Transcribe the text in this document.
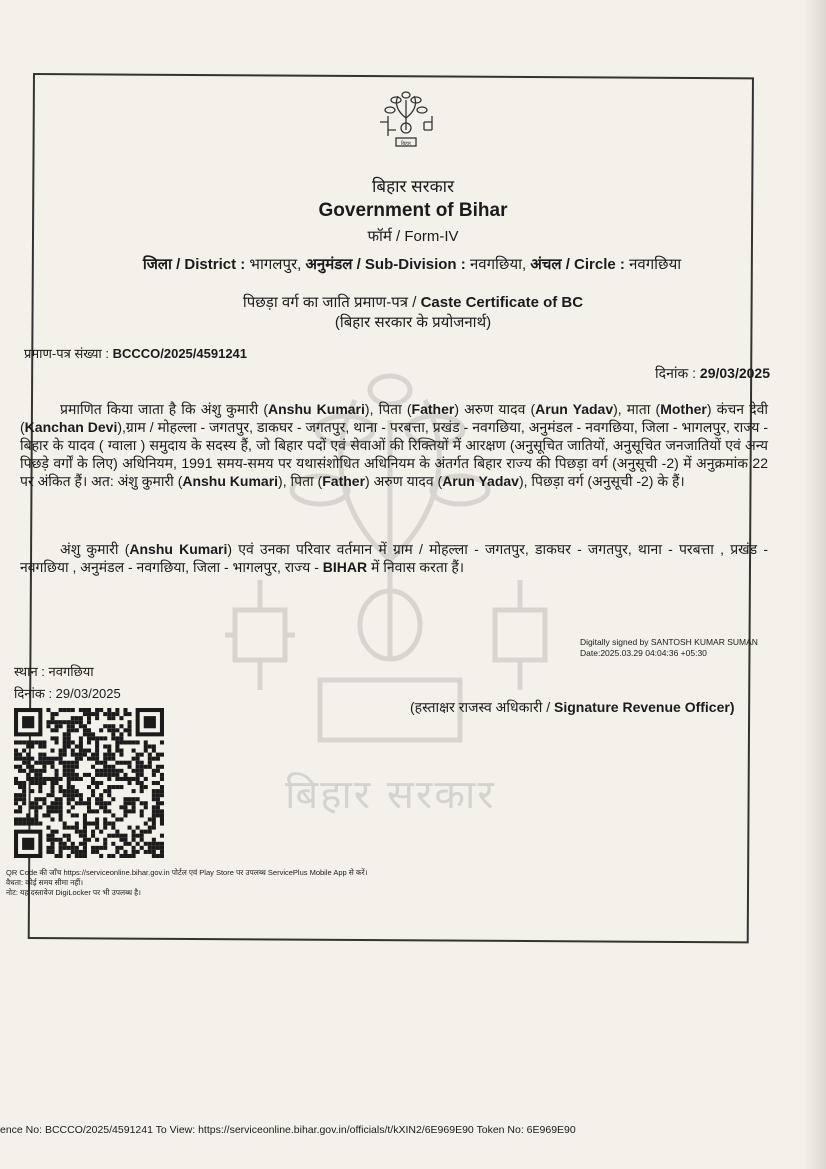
बिहार
बिहार सरकार
बिहार सरकार
Government of Bihar
फॉर्म / Form-IV
जिला / District : भागलपुर, अनुमंडल / Sub-Division : नवगछिया, अंचल / Circle : नवगछिया
पिछड़ा वर्ग का जाति प्रमाण-पत्र / Caste Certificate of BC
(बिहार सरकार के प्रयोजनार्थ)
प्रमाण-पत्र संख्या : BCCCO/2025/4591241
दिनांक : 29/03/2025
प्रमाणित किया जाता है कि अंशु कुमारी (Anshu Kumari), पिता (Father) अरुण यादव (Arun Yadav), माता (Mother) कंचन देवी (Kanchan Devi),ग्राम / मोहल्ला - जगतपुर, डाकघर - जगतपुर, थाना - परबत्ता, प्रखंड - नवगछिया, अनुमंडल - नवगछिया, जिला - भागलपुर, राज्य - बिहार के यादव ( ग्वाला ) समुदाय के सदस्य हैं, जो बिहार पदों एवं सेवाओं की रिक्तियों में आरक्षण (अनुसूचित जातियों, अनुसूचित जनजातियों एवं अन्य पिछड़े वर्गों के लिए) अधिनियम, 1991 समय-समय पर यथासंशोधित अधिनियम के अंतर्गत बिहार राज्य की पिछड़ा वर्ग (अनुसूची -2) में अनुक्रमांक 22 पर अंकित हैं। अत: अंशु कुमारी (Anshu Kumari), पिता (Father) अरुण यादव (Arun Yadav), पिछड़ा वर्ग (अनुसूची -2) के हैं।
अंशु कुमारी (Anshu Kumari) एवं उनका परिवार वर्तमान में ग्राम / मोहल्ला - जगतपुर, डाकघर - जगतपुर, थाना - परबत्ता , प्रखंड - नवगछिया , अनुमंडल - नवगछिया, जिला - भागलपुर, राज्य - BIHAR में निवास करता हैं।
Digitally signed by SANTOSH KUMAR SUMAN
Date:2025.03.29 04:04:36 +05:30
स्थान : नवगछिया
दिनांक : 29/03/2025
(हस्ताक्षर राजस्व अधिकारी / Signature Revenue Officer)
QR Code की जाँच https://serviceonline.bihar.gov.in पोर्टल एवं Play Store पर उपलब्ध ServicePlus Mobile App से करें।
वैधता: कोई समय सीमा नहीं।
नोट: यह दस्तावेज DigiLocker पर भी उपलब्ध है।
ence No: BCCCO/2025/4591241 To View: https://serviceonline.bihar.gov.in/officials/t/kXIN2/6E969E90 Token No: 6E969E90
